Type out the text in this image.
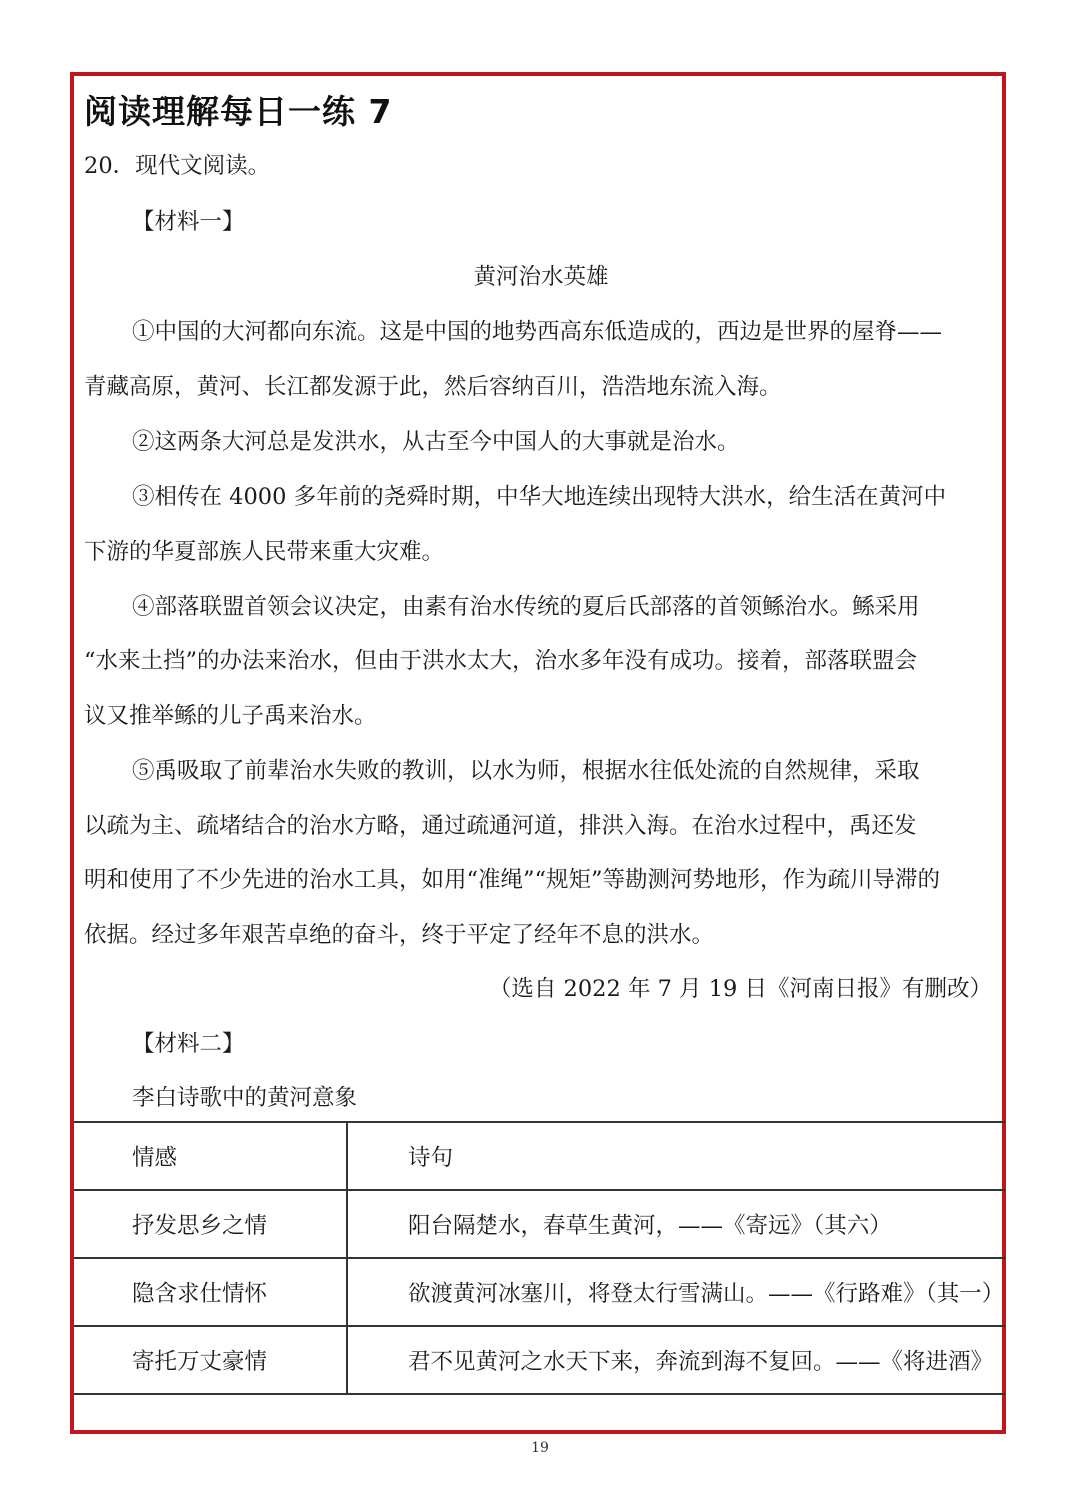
阅读理解每日一练 7
20．现代文阅读。
【材料一】
黄河治水英雄
①中国的大河都向东流。这是中国的地势西高东低造成的，西边是世界的屋脊——
青藏高原，黄河、长江都发源于此，然后容纳百川，浩浩地东流入海。
②这两条大河总是发洪水，从古至今中国人的大事就是治水。
③相传在 4000 多年前的尧舜时期，中华大地连续出现特大洪水，给生活在黄河中
下游的华夏部族人民带来重大灾难。
④部落联盟首领会议决定，由素有治水传统的夏后氏部落的首领鲧治水。鲧采用
“水来土挡”的办法来治水，但由于洪水太大，治水多年没有成功。接着，部落联盟会
议又推举鲧的儿子禹来治水。
⑤禹吸取了前辈治水失败的教训，以水为师，根据水往低处流的自然规律，采取
以疏为主、疏堵结合的治水方略，通过疏通河道，排洪入海。在治水过程中，禹还发
明和使用了不少先进的治水工具，如用“准绳”“规矩”等勘测河势地形，作为疏川导滞的
依据。经过多年艰苦卓绝的奋斗，终于平定了经年不息的洪水。
（选自 2022 年 7 月 19 日《河南日报》有删改）
【材料二】
李白诗歌中的黄河意象
情感	诗句
抒发思乡之情	阳台隔楚水，春草生黄河，——《寄远》（其六）
隐含求仕情怀	欲渡黄河冰塞川，将登太行雪满山。——《行路难》（其一）
寄托万丈豪情	君不见黄河之水天下来，奔流到海不复回。——《将进酒》
19
